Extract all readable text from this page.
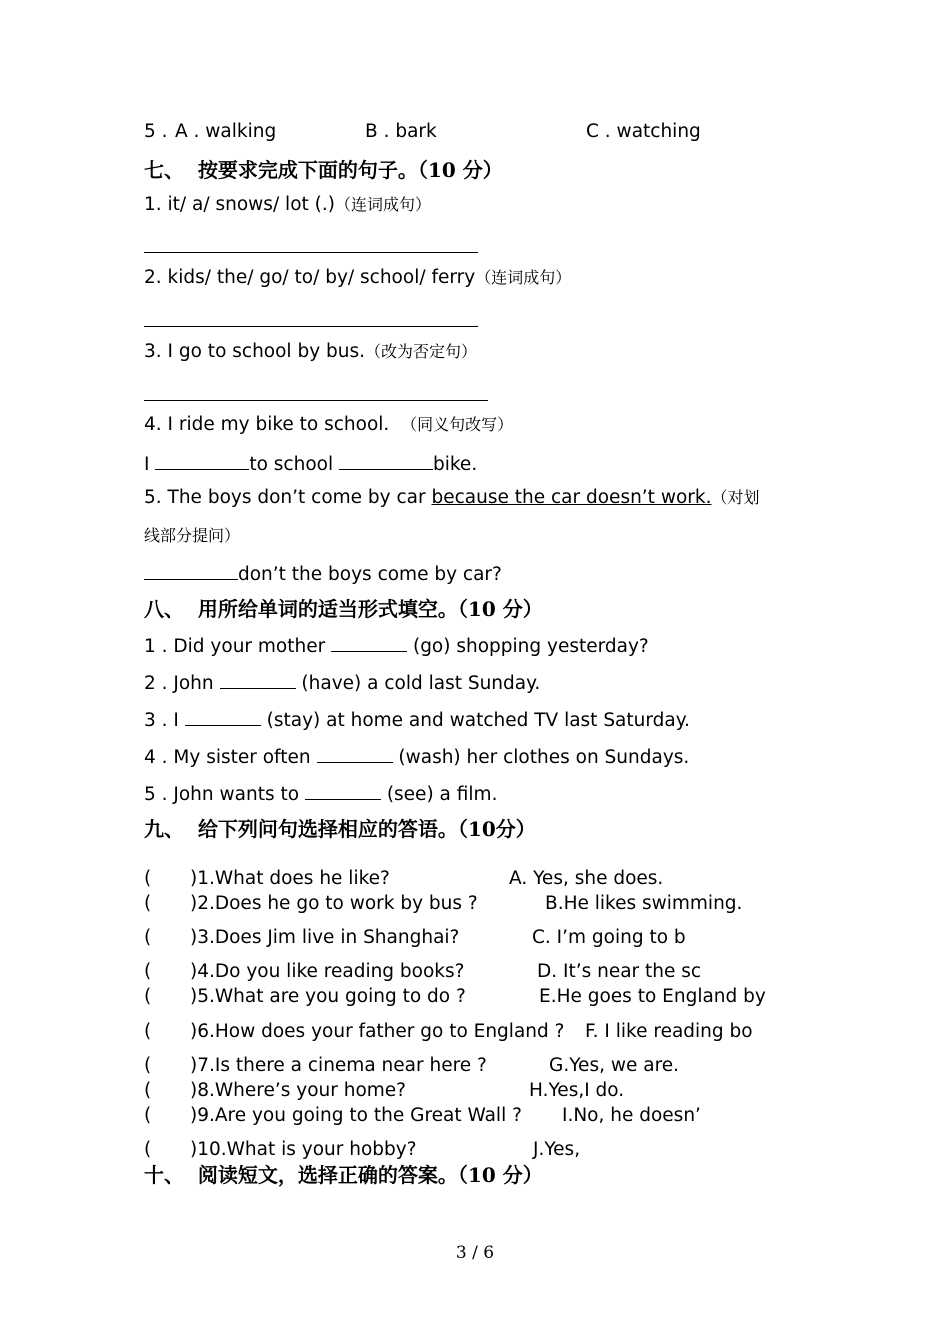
5 .

A . walking

	B . bark

	C . watching

七、  按要求完成下面的句子。（10 分）
1. it/ a/ snows/ lot (.)（连词成句）
2. kids/ the/ go/ to/ by/ school/ ferry（连词成句）
3. I go to school by bus.（改为否定句）
4. I ride my bike to school.  （同义句改写）
I	to school	bike.
5. The boys don’t come by car because the car doesn’t work.（对划
线部分提问）
don’t the boys come by car?
八、  用所给单词的适当形式填空。（10 分）
1 . Did your mother	(go) shopping yesterday?
2 . John	(have) a cold last Sunday.
3 . I	(stay) at home and watched TV last Saturday.
4 . My sister often	(wash) her clothes on Sundays.
5 . John wants to	(see) a film.
九、  给下列问句选择相应的答语。（10分）
( )1.What does he like?	A. Yes, she does.
( )2.Does he go to work by bus ?	B.He likes swimming.
( )3.Does Jim live in Shanghai?	C. I’m going to b
( )4.Do you like reading books?	D. It’s near the sc
( )5.What are you going to do ?	E.He goes to England by
( )6.How does your father go to England ? F. I like reading bo
( )7.Is there a cinema near here ?	G.Yes, we are.
( )8.Where’s your home?	H.Yes,I do.
( )9.Are you going to the Great Wall ? I.No, he doesn’
( )10.What is your hobby?	J.Yes,
十、  阅读短文，选择正确的答案。（10 分）
3 / 6
